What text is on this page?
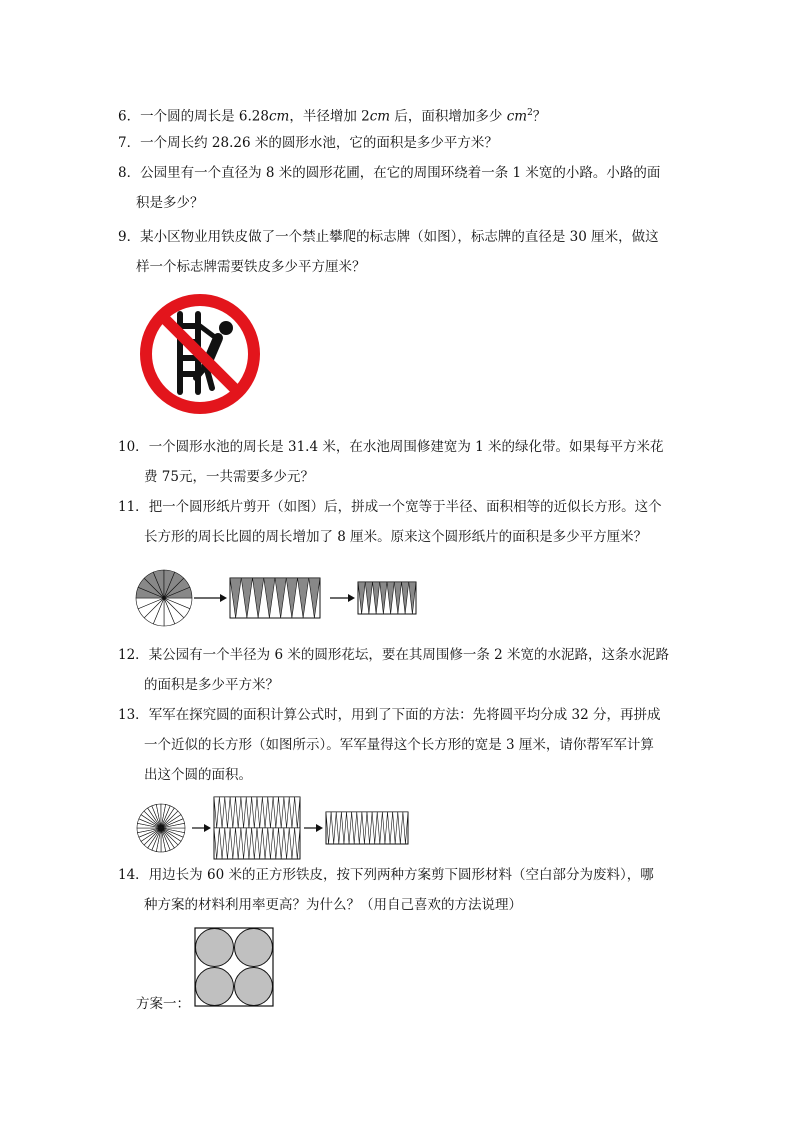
6．一个圆的周长是 6.28cm，半径增加 2cm 后，面积增加多少 $cm^2$？
7．一个周长约 28.26 米的圆形水池，它的面积是多少平方米？
8．公园里有一个直径为 8 米的圆形花圃，在它的周围环绕着一条 1 米宽的小路。小路的面
积是多少？
9．某小区物业用铁皮做了一个禁止攀爬的标志牌（如图），标志牌的直径是 30 厘米，做这
样一个标志牌需要铁皮多少平方厘米？
10．一个圆形水池的周长是 31.4 米，在水池周围修建宽为 1 米的绿化带。如果每平方米花
费 75元，一共需要多少元？
11．把一个圆形纸片剪开（如图）后，拼成一个宽等于半径、面积相等的近似长方形。这个
长方形的周长比圆的周长增加了 8 厘米。原来这个圆形纸片的面积是多少平方厘米？
12．某公园有一个半径为 6 米的圆形花坛，要在其周围修一条 2 米宽的水泥路，这条水泥路
的面积是多少平方米？
13．军军在探究圆的面积计算公式时，用到了下面的方法：先将圆平均分成 32 分，再拼成
一个近似的长方形（如图所示）。军军量得这个长方形的宽是 3 厘米，请你帮军军计算
出这个圆的面积。
14．用边长为 60 米的正方形铁皮，按下列两种方案剪下圆形材料（空白部分为废料），哪
种方案的材料利用率更高？为什么？（用自己喜欢的方法说理）
方案一：
